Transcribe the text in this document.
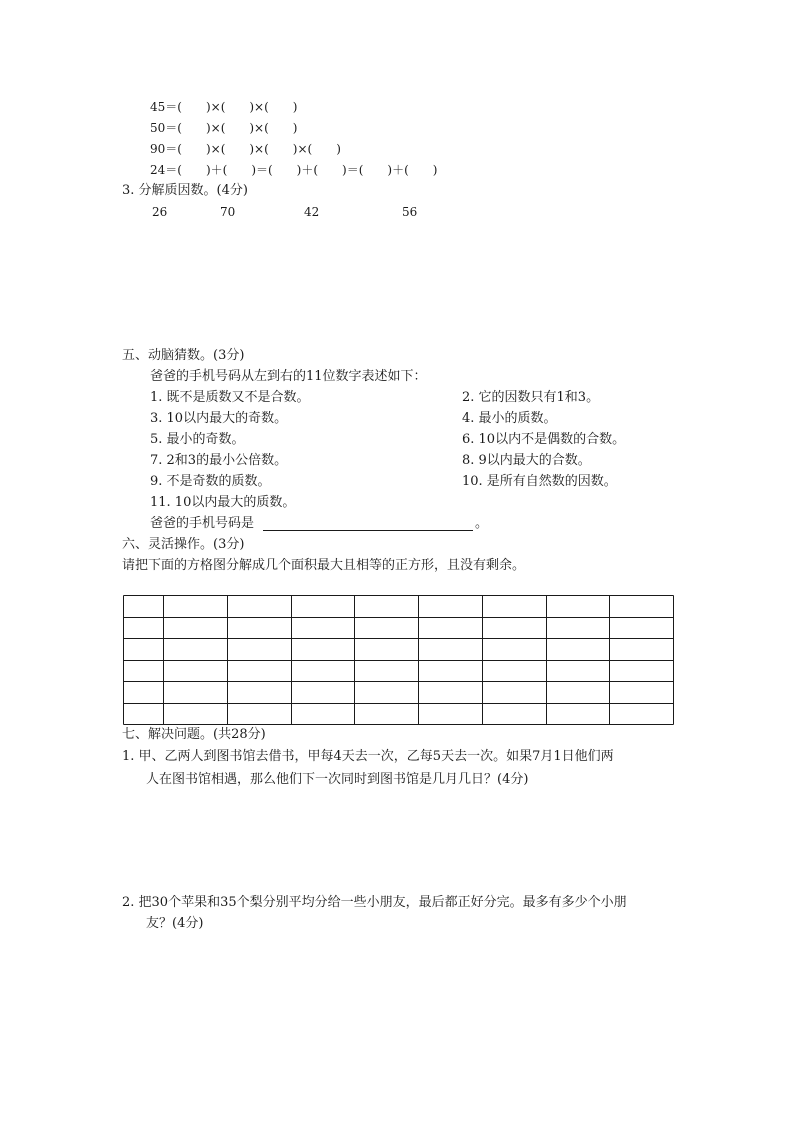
45＝(　　)×(　　)×(　　)
50＝(　　)×(　　)×(　　)
90＝(　　)×(　　)×(　　)×(　　)
24＝(　　)＋(　　)＝(　　)＋(　　)＝(　　)＋(　　)
3. 分解质因数。(4分)
26	70	42	56
五、动脑猜数。(3分)
爸爸的手机号码从左到右的11位数字表述如下：
1. 既不是质数又不是合数。	2. 它的因数只有1和3。
3. 10以内最大的奇数。	4. 最小的质数。
5. 最小的奇数。	6. 10以内不是偶数的合数。
7. 2和3的最小公倍数。	8. 9以内最大的合数。
9. 不是奇数的质数。	10. 是所有自然数的因数。
11. 10以内最大的质数。
爸爸的手机号码是	。
六、灵活操作。(3分)
请把下面的方格图分解成几个面积最大且相等的正方形，且没有剩余。
七、解决问题。(共28分)
1. 甲、乙两人到图书馆去借书，甲每4天去一次，乙每5天去一次。如果7月1日他们两
人在图书馆相遇，那么他们下一次同时到图书馆是几月几日？(4分)
2. 把30个苹果和35个梨分别平均分给一些小朋友，最后都正好分完。最多有多少个小朋
友？(4分)
